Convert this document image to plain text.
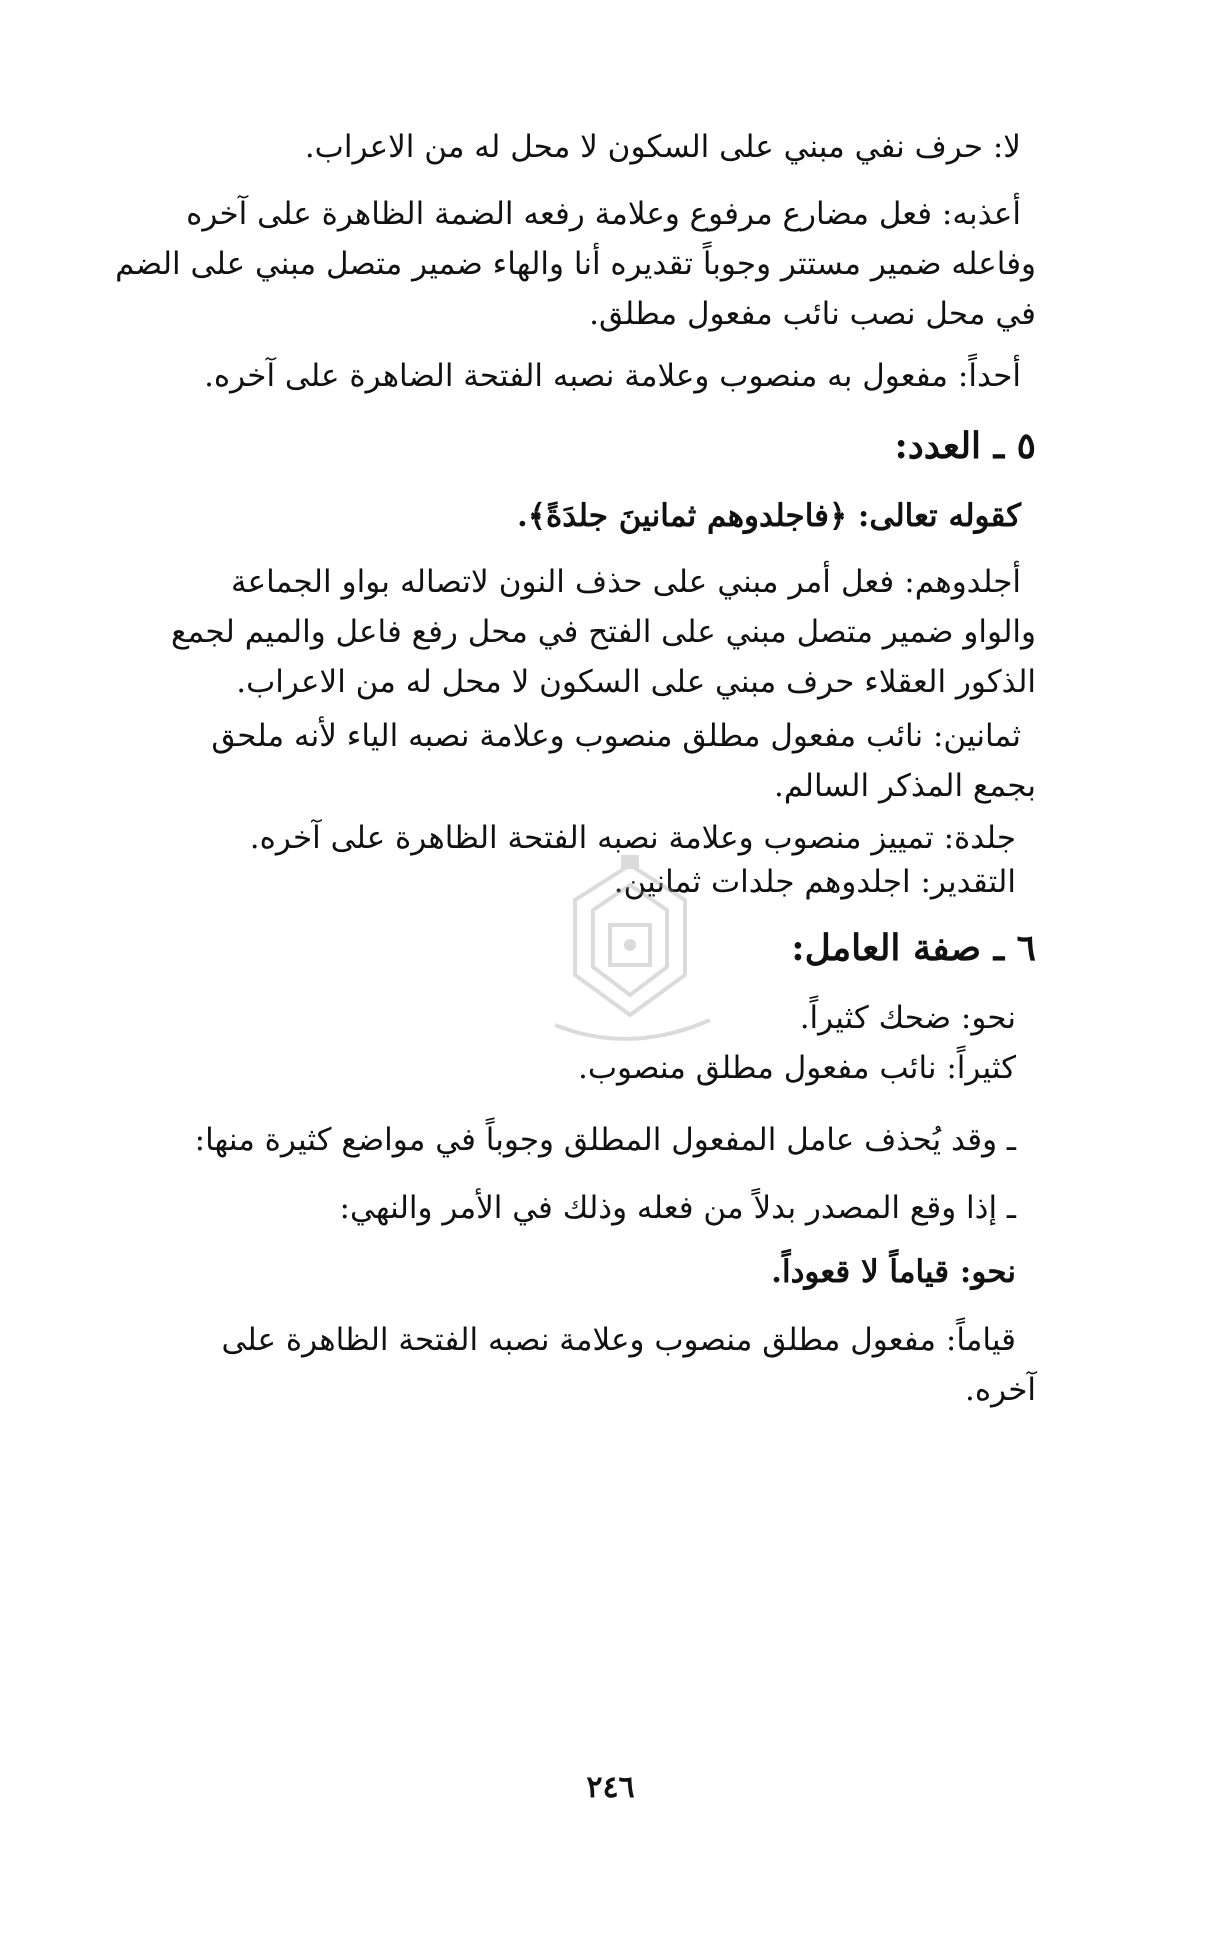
لا: حرف نفي مبني على السكون لا محل له من الاعراب.

أعذبه: فعل مضارع مرفوع وعلامة رفعه الضمة الظاهرة على آخره

وفاعله ضمير مستتر وجوباً تقديره أنا والهاء ضمير متصل مبني على الضم

في محل نصب نائب مفعول مطلق.

أحداً: مفعول به منصوب وعلامة نصبه الفتحة الضاهرة على آخره.

٥ ـ العدد:

كقوله تعالى: ﴿فاجلدوهم ثمانينَ جلدَةً﴾.

أجلدوهم: فعل أمر مبني على حذف النون لاتصاله بواو الجماعة

والواو ضمير متصل مبني على الفتح في محل رفع فاعل والميم لجمع

الذكور العقلاء حرف مبني على السكون لا محل له من الاعراب.

ثمانين: نائب مفعول مطلق منصوب وعلامة نصبه الياء لأنه ملحق

بجمع المذكر السالم.

جلدة: تمييز منصوب وعلامة نصبه الفتحة الظاهرة على آخره.

التقدير: اجلدوهم جلدات ثمانين.

٦ ـ صفة العامل:

نحو: ضحك كثيراً.

كثيراً: نائب مفعول مطلق منصوب.

ـ وقد يُحذف عامل المفعول المطلق وجوباً في مواضع كثيرة منها:

ـ إذا وقع المصدر بدلاً من فعله وذلك في الأمر والنهي:

نحو: قياماً لا قعوداً.

قياماً: مفعول مطلق منصوب وعلامة نصبه الفتحة الظاهرة على

آخره.

٢٤٦
